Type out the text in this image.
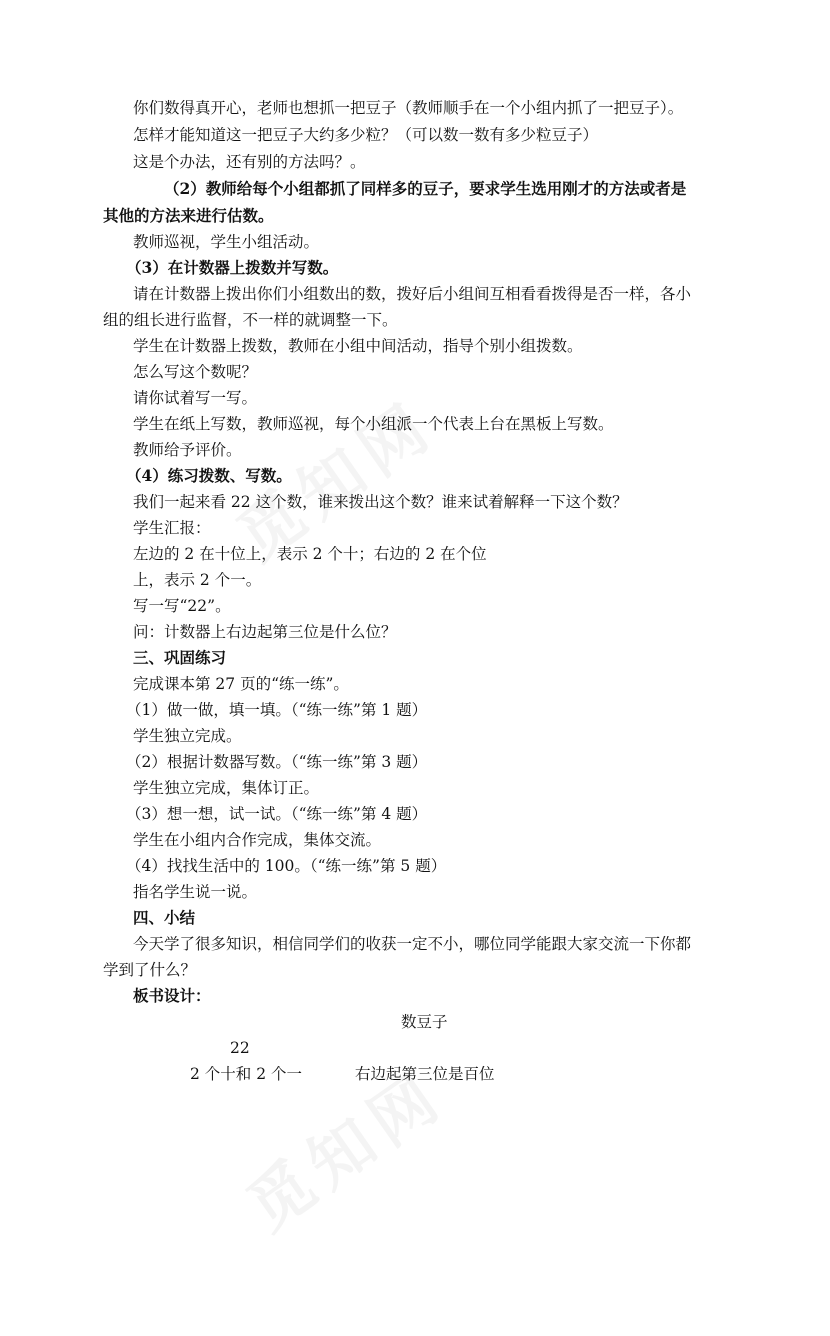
你们数得真开心，老师也想抓一把豆子（教师顺手在一个小组内抓了一把豆子）。
怎样才能知道这一把豆子大约多少粒？（可以数一数有多少粒豆子）
这是个办法，还有别的方法吗？。
（2）教师给每个小组都抓了同样多的豆子，要求学生选用刚才的方法或者是
其他的方法来进行估数。
教师巡视，学生小组活动。
（3）在计数器上拨数并写数。
请在计数器上拨出你们小组数出的数，拨好后小组间互相看看拨得是否一样，各小
组的组长进行监督，不一样的就调整一下。
学生在计数器上拨数，教师在小组中间活动，指导个别小组拨数。
怎么写这个数呢？
请你试着写一写。
学生在纸上写数，教师巡视，每个小组派一个代表上台在黑板上写数。
教师给予评价。
（4）练习拨数、写数。
我们一起来看 22 这个数，谁来拨出这个数？谁来试着解释一下这个数？
学生汇报：
左边的 2 在十位上，表示 2 个十；右边的 2 在个位
上，表示 2 个一。
写一写“22”。
问：计数器上右边起第三位是什么位？
三、巩固练习
完成课本第 27 页的“练一练”。
（1）做一做，填一填。（“练一练”第 1 题）
学生独立完成。
（2）根据计数器写数。（“练一练”第 3 题）
学生独立完成，集体订正。
（3）想一想，试一试。（“练一练”第 4 题）
学生在小组内合作完成，集体交流。
（4）找找生活中的 100。（“练一练”第 5 题）
指名学生说一说。
四、小结
今天学了很多知识，相信同学们的收获一定不小，哪位同学能跟大家交流一下你都
学到了什么？
板书设计：
数豆子
22
2 个十和 2 个一	右边起第三位是百位
